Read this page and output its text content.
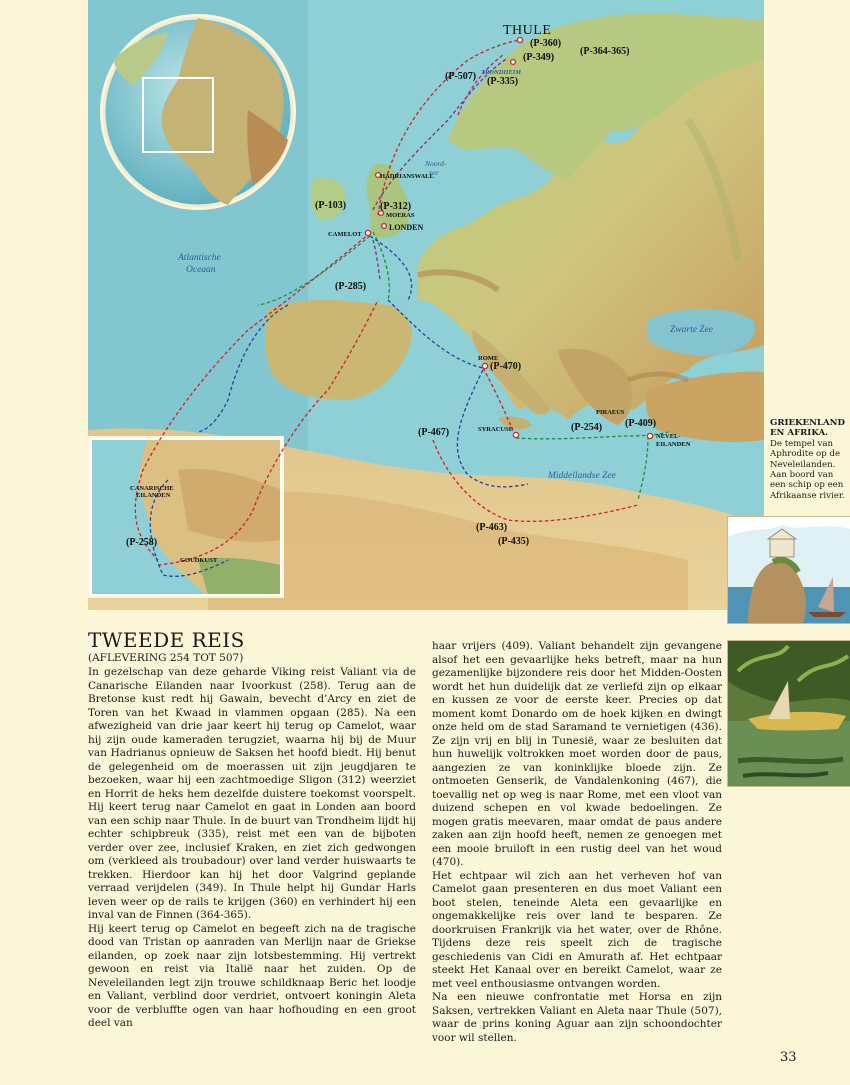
THULE
TRONDHEIM
HADRIANSWALL
MOERAS
LONDEN
CAMELOT
ROME
SYRACUSE
PIRAEUS
NEVEL-
EILANDEN
CANARISCHE
EILANDEN
GOUDKUST
Noord-
zee
Atlantische
Oceaan
Zwarte Zee
Middellandse Zee
(P-360)
(P-349)
(P-364-365)
(P-507) (P-335)
(P-103)	(P-312)
(P-285)
(P-470)
(P-467)	(P-254) (P-409)
(P-463)
(P-435)
(P-258)
GRIEKENLAND EN AFRIKA.
De tempel van Aphrodite op de Neveleilanden. Aan boord van een schip op een Afrikaanse rivier.
TWEEDE REIS
(AFLEVERING 254 TOT 507)

In gezelschap van deze geharde Viking reist Valiant via de Canarische Eilanden naar Ivoorkust (258). Terug aan de Bretonse kust redt hij Gawain, bevecht d’Arcy en ziet de Toren van het Kwaad in vlammen opgaan (285). Na een afwezigheid van drie jaar keert hij terug op Camelot, waar hij zijn oude kameraden terugziet, waarna hij bij de Muur van Hadrianus opnieuw de Saksen het hoofd biedt. Hij benut de gelegenheid om de moerassen uit zijn jeugdjaren te bezoeken, waar hij een zachtmoedige Sligon (312) weerziet en Horrit de heks hem dezelfde duistere toekomst voorspelt. Hij keert terug naar Camelot en gaat in Londen aan boord van een schip naar Thule. In de buurt van Trondheim lijdt hij echter schipbreuk (335), reist met een van de bijboten verder over zee, inclusief Kraken, en ziet zich gedwongen om (verkleed als troubadour) over land verder huiswaarts te trekken. Hierdoor kan hij het door Valgrind geplande verraad verijdelen (349). In Thule helpt hij Gundar Harls leven weer op de rails te krijgen (360) en verhindert hij een inval van de Finnen (364-365).

Hij keert terug op Camelot en begeeft zich na de tragische dood van Tristan op aanraden van Merlijn naar de Griekse eilanden, op zoek naar zijn lotsbestemming. Hij vertrekt gewoon en reist via Italië naar het zuiden. Op de Neveleilanden legt zijn trouwe schildknaap Beric het loodje en Valiant, verblind door verdriet, ontvoert koningin Aleta voor de verbluffte ogen van haar hofhouding en een groot deel van

haar vrijers (409). Valiant behandelt zijn gevangene alsof het een gevaarlijke heks betreft, maar na hun gezamenlijke bijzondere reis door het Midden-Oosten wordt het hun duidelijk dat ze verliefd zijn op elkaar en kussen ze voor de eerste keer. Precies op dat moment komt Donardo om de hoek kijken en dwingt onze held om de stad Saramand te vernietigen (436). Ze zijn vrij en blij in Tunesië, waar ze besluiten dat hun huwelijk voltrokken moet worden door de paus, aangezien ze van koninklijke bloede zijn. Ze ontmoeten Genserik, de Vandalenkoning (467), die toevallig net op weg is naar Rome, met een vloot van duizend schepen en vol kwade bedoelingen. Ze mogen gratis meevaren, maar omdat de paus andere zaken aan zijn hoofd heeft, nemen ze genoegen met een mooie bruiloft in een rustig deel van het woud (470).

Het echtpaar wil zich aan het verheven hof van Camelot gaan presenteren en dus moet Valiant een boot stelen, teneinde Aleta een gevaarlijke en ongemakkelijke reis over land te besparen. Ze doorkruisen Frankrijk via het water, over de Rhône. Tijdens deze reis speelt zich de tragische geschiedenis van Cidi en Amurath af. Het echtpaar steekt Het Kanaal over en bereikt Camelot, waar ze met veel enthousiasme ontvangen worden.

Na een nieuwe confrontatie met Horsa en zijn Saksen, vertrekken Valiant en Aleta naar Thule (507), waar de prins koning Aguar aan zijn schoondochter voor wil stellen.

33
